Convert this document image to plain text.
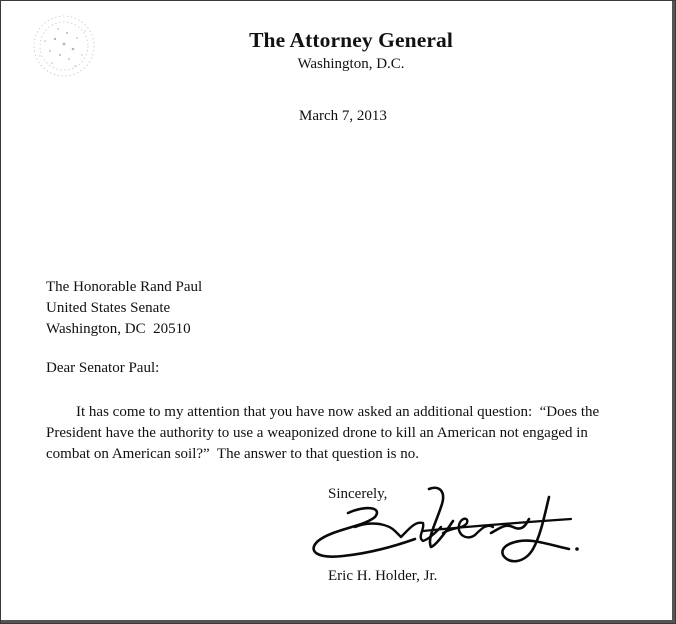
The Attorney General
Washington, D.C.
March 7, 2013
The Honorable Rand Paul
United States Senate
Washington, DC  20510
Dear Senator Paul:
It has come to my attention that you have now asked an additional question:  “Does the
President have the authority to use a weaponized drone to kill an American not engaged in
combat on American soil?”  The answer to that question is no.
Sincerely,
Eric H. Holder, Jr.
